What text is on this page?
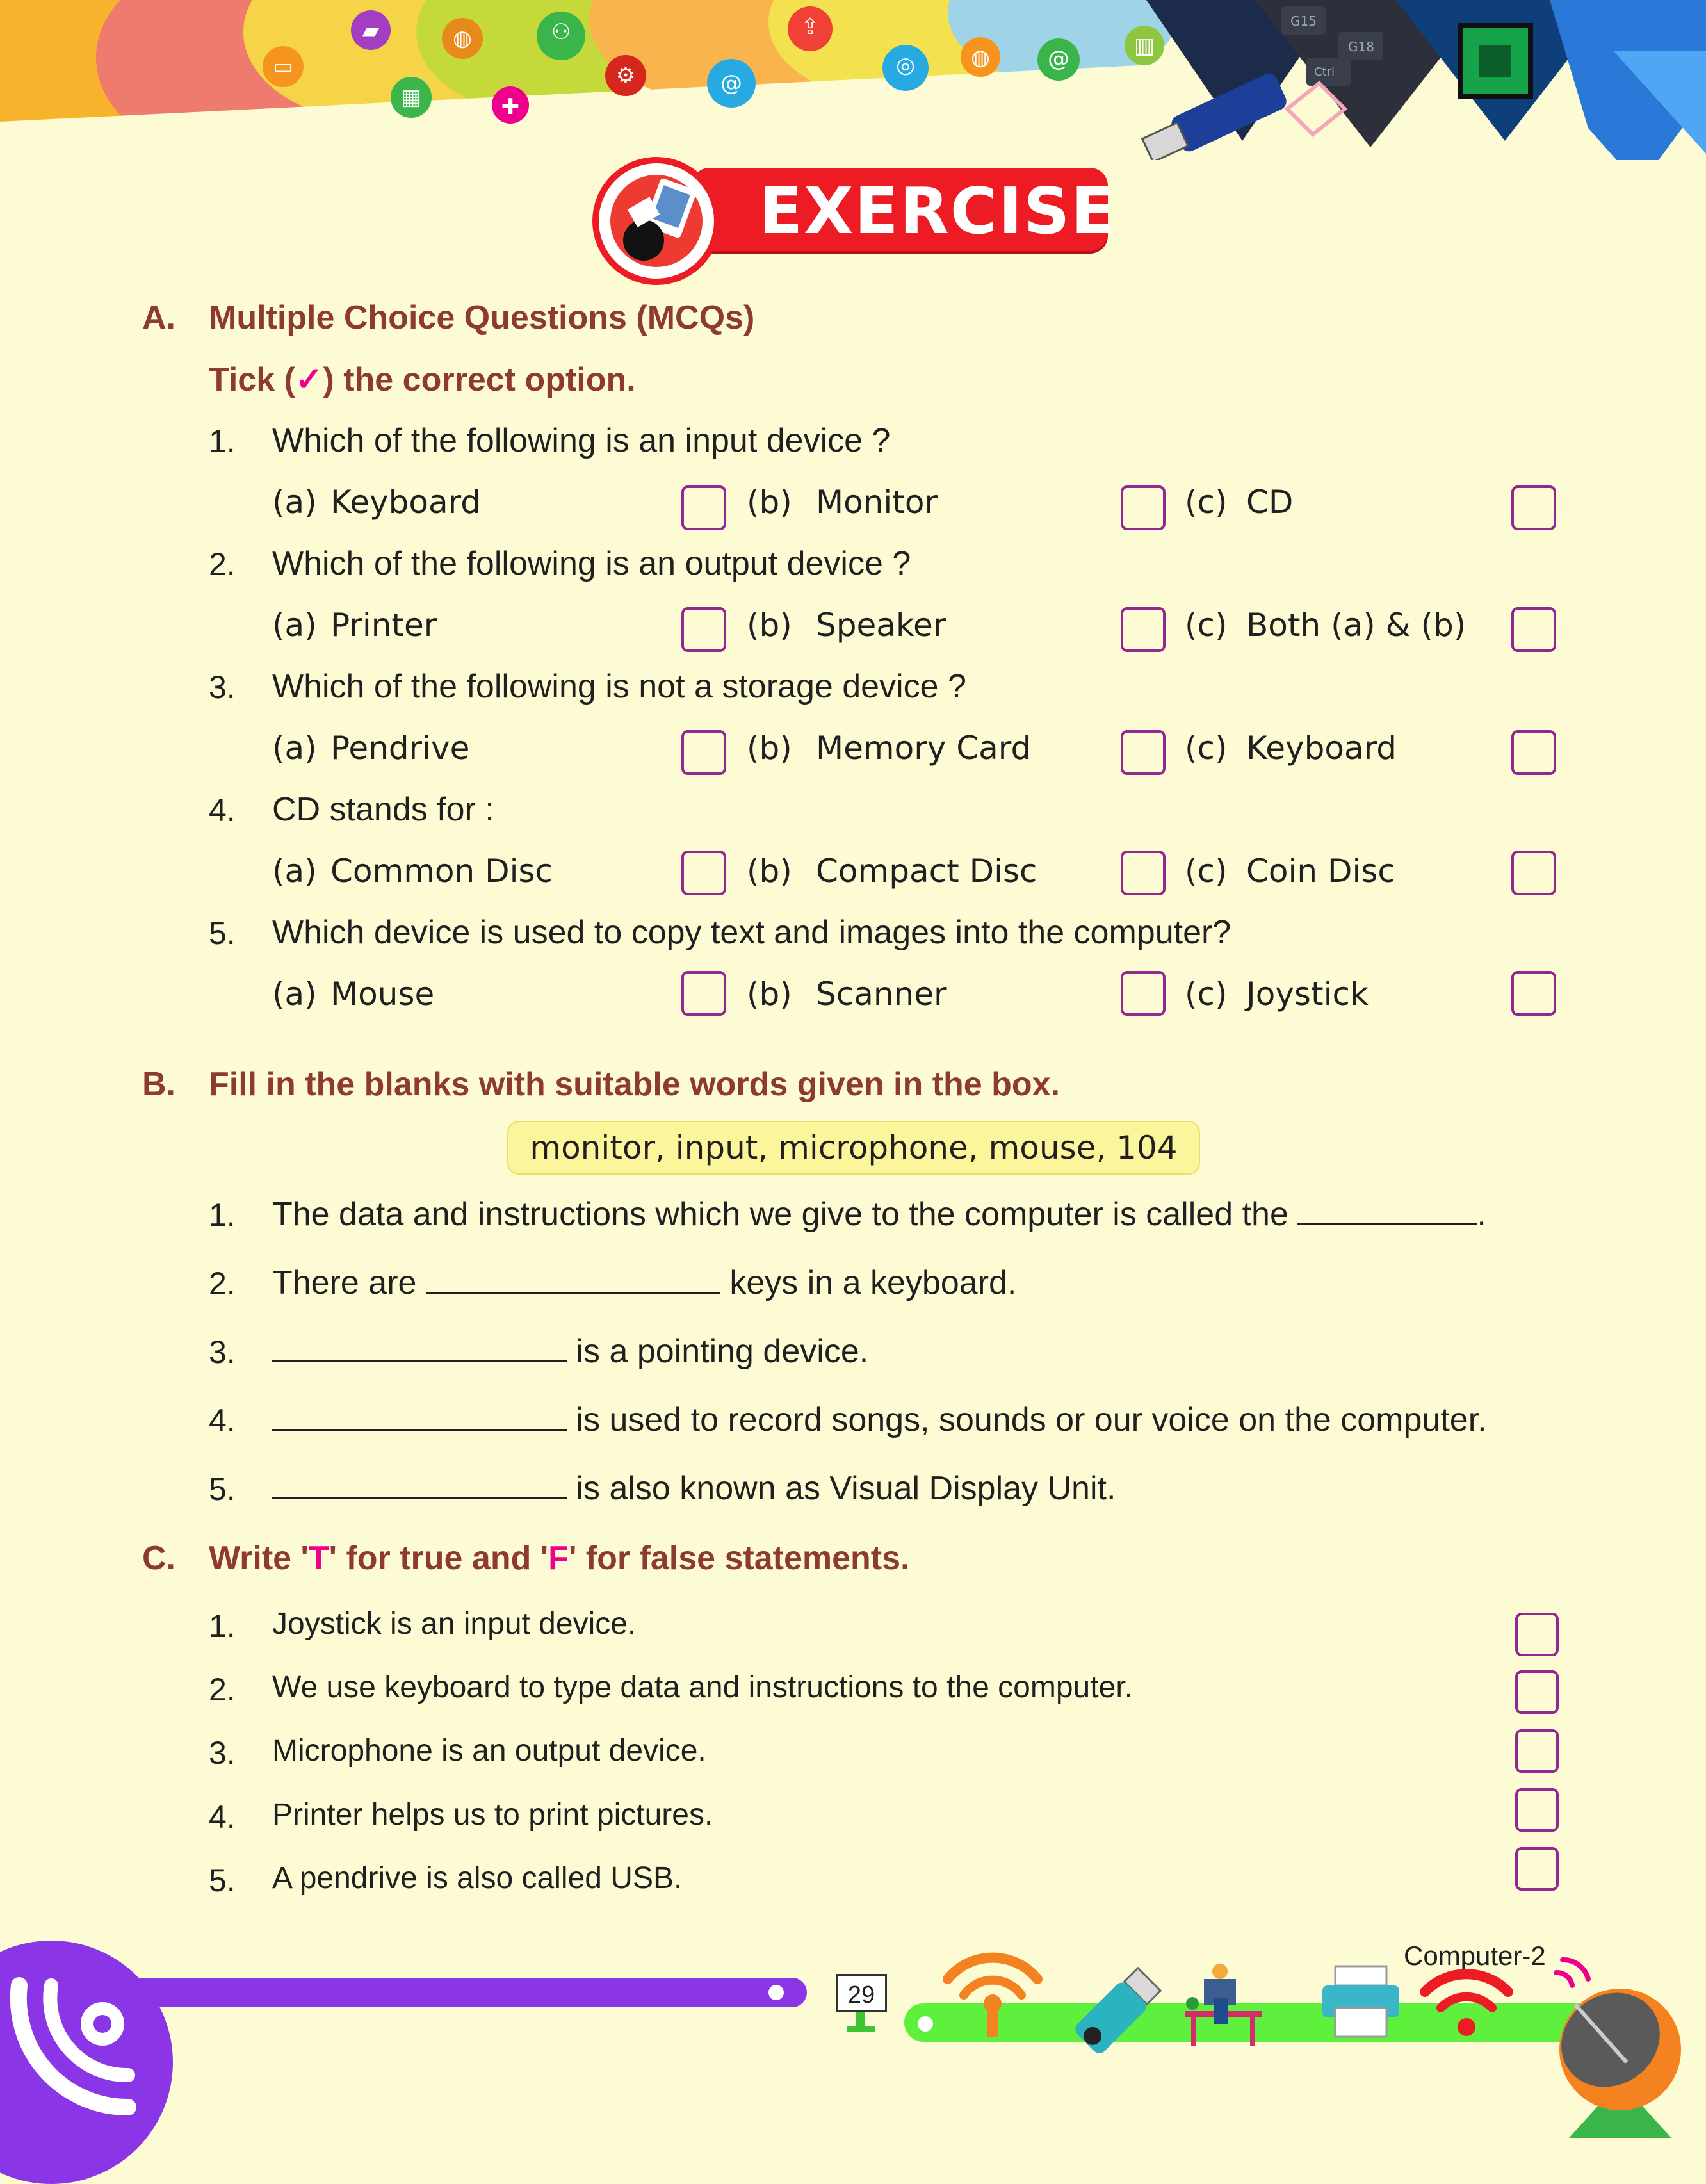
G15
G18
Ctrl
▭
▰
▦
◍
✚
⚇
⚙	@
⇪
◎	◍	@	▥
EXERCISE
A. Multiple Choice Questions (MCQs)
Tick (✓) the correct option.
1. Which of the following is an input device ?
(a) Keyboard	(b) Monitor	(c) CD
2. Which of the following is an output device ?
(a) Printer	(b) Speaker	(c) Both (a) & (b)
3. Which of the following is not a storage device ?
(a) Pendrive	(b) Memory Card	(c) Keyboard
4. CD stands for :
(a) Common Disc	(b) Compact Disc	(c) Coin Disc
5. Which device is used to copy text and images into the computer?
(a) Mouse	(b) Scanner	(c) Joystick
B. Fill in the blanks with suitable words given in the box.
monitor, input, microphone, mouse, 104
1. The data and instructions which we give to the computer is called the	.
2. There are	keys in a keyboard.
3.	is a pointing device.
4.	is used to record songs, sounds or our voice on the computer.
5.	is also known as Visual Display Unit.
C. Write 'T' for true and 'F' for false statements.
1. Joystick is an input device.
2. We use keyboard to type data and instructions to the computer.
3. Microphone is an output device.
4. Printer helps us to print pictures.
5. A pendrive is also called USB.
29
Computer-2
